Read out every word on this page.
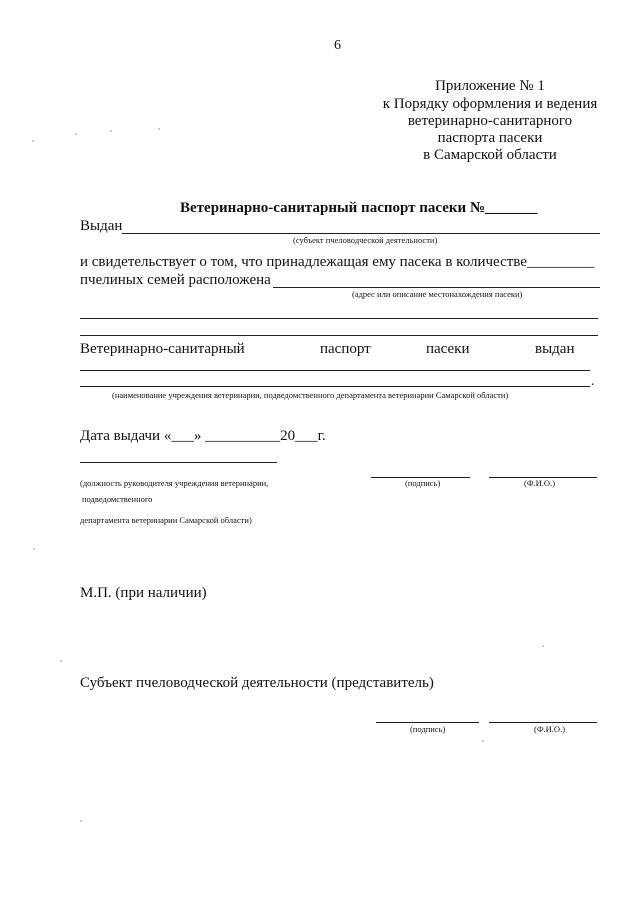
6
Приложение № 1
к Порядку оформления и ведения
ветеринарно-санитарного
паспорта пасеки
в Самарской области
Ветеринарно-санитарный паспорт пасеки №_______
Выдан
(субъект пчеловодческой деятельности)
и свидетельствует о том, что принадлежащая ему пасека в количестве_________
пчелиных семей расположена
(адрес или описание местонахождения пасеки)
Ветеринарно-санитарный	паспорт	пасеки	выдан
.
(наименование учреждения ветеринарии, подведомственного департамента ветеринарии Самарской области)
Дата выдачи «___» __________20___г.
(должность руководителя учреждения ветеринарии,
подведомственного
департамента ветеринарии Самарской области)
(подпись)	(Ф.И.О.)
М.П. (при наличии)
Субъект пчеловодческой деятельности (представитель)
(подпись)	(Ф.И.О.)
